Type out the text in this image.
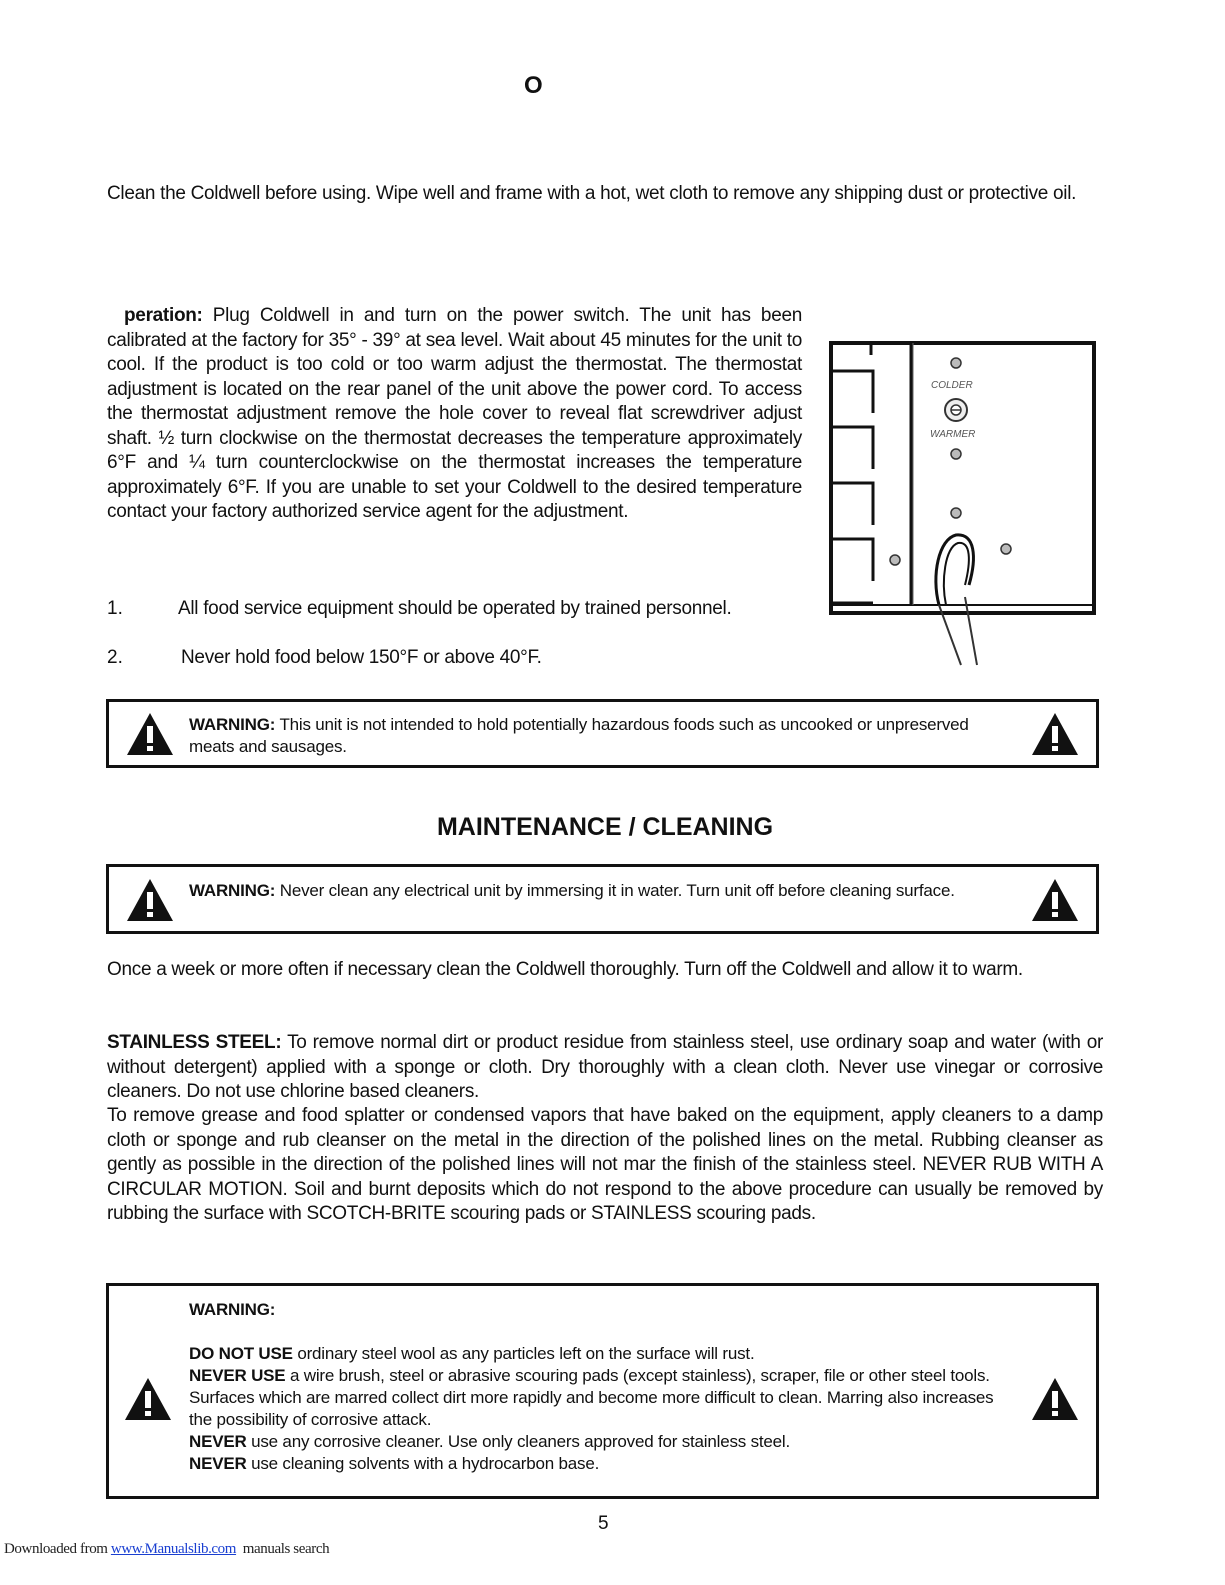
O
Clean the Coldwell before using. Wipe well and frame with a hot, wet cloth to remove any shipping dust or protective oil.
peration: Plug Coldwell in and turn on the power switch. The unit has been calibrated at the factory for 35° - 39° at sea level. Wait about 45 minutes for the unit to cool. If the product is too cold or too warm adjust the thermostat. The thermostat adjustment is located on the rear panel of the unit above the power cord. To access the thermostat adjustment remove the hole cover to reveal flat screwdriver adjust shaft. ½ turn clockwise on the thermostat decreases the temperature approximately 6°F and ¼ turn counterclockwise on the thermostat increases the temperature approximately 6°F. If you are unable to set your Coldwell to the desired temperature contact your factory authorized service agent for the adjustment.
COLDER
WARMER
1.	All food service equipment should be operated by trained personnel.
2.	Never hold food below 150°F or above 40°F.
WARNING: This unit is not intended to hold potentially hazardous foods such as uncooked or unpreserved meats and sausages.
MAINTENANCE / CLEANING
WARNING: Never clean any electrical unit by immersing it in water. Turn unit off before cleaning surface.
Once a week or more often if necessary clean the Coldwell thoroughly. Turn off the Coldwell and allow it to warm.
STAINLESS STEEL: To remove normal dirt or product residue from stainless steel, use ordinary soap and water (with or without detergent) applied with a sponge or cloth. Dry thoroughly with a clean cloth. Never use vinegar or corrosive cleaners. Do not use chlorine based cleaners.
To remove grease and food splatter or condensed vapors that have baked on the equipment, apply cleaners to a damp cloth or sponge and rub cleanser on the metal in the direction of the polished lines on the metal. Rubbing cleanser as gently as possible in the direction of the polished lines will not mar the finish of the stainless steel. NEVER RUB WITH A CIRCULAR MOTION. Soil and burnt deposits which do not respond to the above procedure can usually be removed by rubbing the surface with SCOTCH-BRITE scouring pads or STAINLESS scouring pads.
WARNING:
DO NOT USE ordinary steel wool as any particles left on the surface will rust.
NEVER USE a wire brush, steel or abrasive scouring pads (except stainless), scraper, file or other steel tools. Surfaces which are marred collect dirt more rapidly and become more difficult to clean. Marring also increases the possibility of corrosive attack.
NEVER use any corrosive cleaner. Use only cleaners approved for stainless steel.
NEVER use cleaning solvents with a hydrocarbon base.
5
Downloaded from www.Manualslib.com  manuals search
